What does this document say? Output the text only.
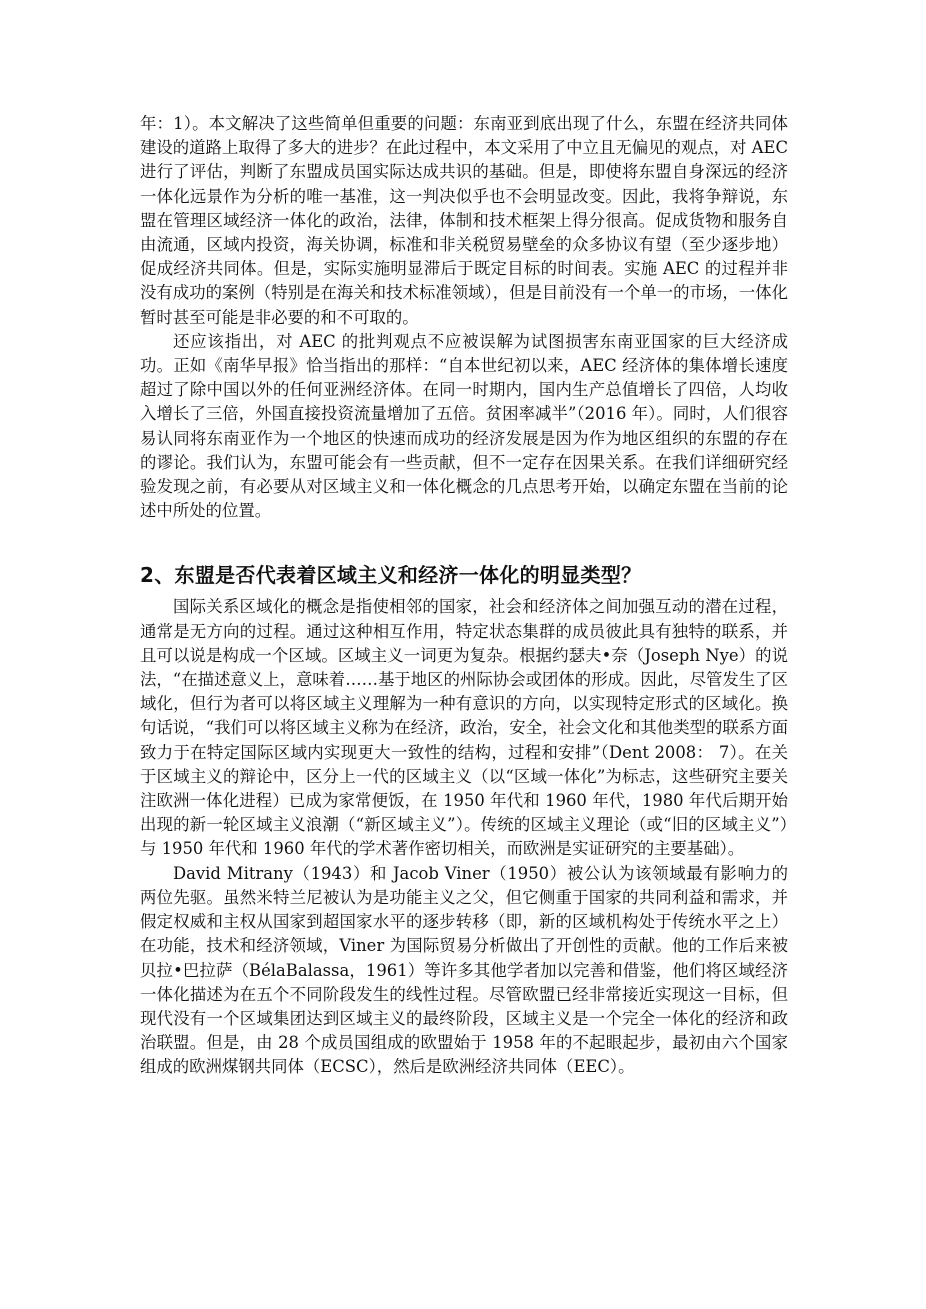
年：1）。本文解决了这些简单但重要的问题：东南亚到底出现了什么，东盟在经济共同体建设的道路上取得了多大的进步？在此过程中，本文采用了中立且无偏见的观点，对 AEC 进行了评估，判断了东盟成员国实际达成共识的基础。但是，即使将东盟自身深远的经济一体化远景作为分析的唯一基准，这一判决似乎也不会明显改变。因此，我将争辩说，东盟在管理区域经济一体化的政治，法律，体制和技术框架上得分很高。促成货物和服务自由流通，区域内投资，海关协调，标准和非关税贸易壁垒的众多协议有望（至少逐步地）促成经济共同体。但是，实际实施明显滞后于既定目标的时间表。实施 AEC 的过程并非没有成功的案例（特别是在海关和技术标准领域），但是目前没有一个单一的市场，一体化暂时甚至可能是非必要的和不可取的。

还应该指出，对 AEC 的批判观点不应被误解为试图损害东南亚国家的巨大经济成功。正如《南华早报》恰当指出的那样：“自本世纪初以来，AEC 经济体的集体增长速度超过了除中国以外的任何亚洲经济体。在同一时期内，国内生产总值增长了四倍，人均收入增长了三倍，外国直接投资流量增加了五倍。贫困率减半”（2016 年）。同时，人们很容易认同将东南亚作为一个地区的快速而成功的经济发展是因为作为地区组织的东盟的存在的谬论。我们认为，东盟可能会有一些贡献，但不一定存在因果关系。在我们详细研究经验发现之前，有必要从对区域主义和一体化概念的几点思考开始，以确定东盟在当前的论述中所处的位置。

2、东盟是否代表着区域主义和经济一体化的明显类型？

国际关系区域化的概念是指使相邻的国家，社会和经济体之间加强互动的潜在过程，通常是无方向的过程。通过这种相互作用，特定状态集群的成员彼此具有独特的联系，并且可以说是构成一个区域。区域主义一词更为复杂。根据约瑟夫•奈（Joseph Nye）的说法，“在描述意义上，意味着……基于地区的州际协会或团体的形成。因此，尽管发生了区域化，但行为者可以将区域主义理解为一种有意识的方向，以实现特定形式的区域化。换句话说，“我们可以将区域主义称为在经济，政治，安全，社会文化和其他类型的联系方面致力于在特定国际区域内实现更大一致性的结构，过程和安排”（Dent 2008： 7）。在关于区域主义的辩论中，区分上一代的区域主义（以“区域一体化”为标志，这些研究主要关注欧洲一体化进程）已成为家常便饭，在 1950 年代和 1960 年代，1980 年代后期开始出现的新一轮区域主义浪潮（“新区域主义”）。传统的区域主义理论（或“旧的区域主义”）与 1950 年代和 1960 年代的学术著作密切相关，而欧洲是实证研究的主要基础）。

David Mitrany（1943）和 Jacob Viner（1950）被公认为该领域最有影响力的两位先驱。虽然米特兰尼被认为是功能主义之父，但它侧重于国家的共同利益和需求，并假定权威和主权从国家到超国家水平的逐步转移（即，新的区域机构处于传统水平之上）在功能，技术和经济领域，Viner 为国际贸易分析做出了开创性的贡献。他的工作后来被贝拉•巴拉萨（BélaBalassa，1961）等许多其他学者加以完善和借鉴，他们将区域经济一体化描述为在五个不同阶段发生的线性过程。尽管欧盟已经非常接近实现这一目标，但现代没有一个区域集团达到区域主义的最终阶段，区域主义是一个完全一体化的经济和政治联盟。但是，由 28 个成员国组成的欧盟始于 1958 年的不起眼起步，最初由六个国家组成的欧洲煤钢共同体（ECSC），然后是欧洲经济共同体（EEC）。
